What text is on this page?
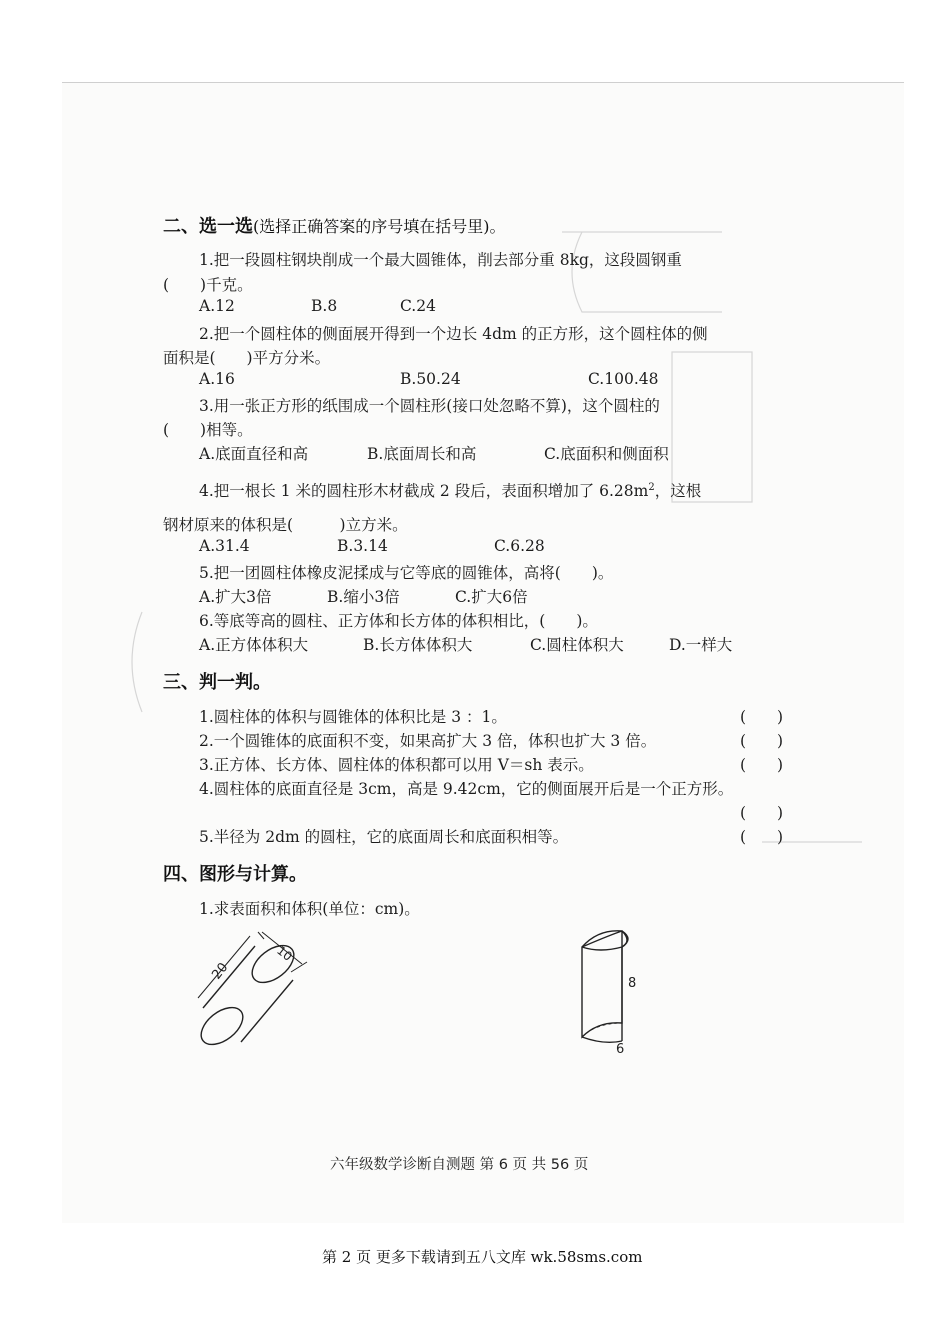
二、选一选(选择正确答案的序号填在括号里)。
1.把一段圆柱钢块削成一个最大圆锥体，削去部分重 8kg，这段圆钢重
(　　)千克。
A.12	B.8	C.24
2.把一个圆柱体的侧面展开得到一个边长 4dm 的正方形，这个圆柱体的侧
面积是(　　)平方分米。
A.16	B.50.24	C.100.48
3.用一张正方形的纸围成一个圆柱形(接口处忽略不算)，这个圆柱的
(　　)相等。
A.底面直径和高	B.底面周长和高	C.底面积和侧面积
4.把一根长 1 米的圆柱形木材截成 2 段后，表面积增加了 $6.28m^2$，这根
钢材原来的体积是(　　　)立方米。
A.31.4	B.3.14	C.6.28
5.把一团圆柱体橡皮泥揉成与它等底的圆锥体，高将(　　)。
A.扩大3倍	B.缩小3倍	C.扩大6倍
6.等底等高的圆柱、正方体和长方体的体积相比，(　　)。
A.正方体体积大	B.长方体体积大	C.圆柱体积大	D.一样大
三、判一判。
1.圆柱体的体积与圆锥体的体积比是 3 ：1。	(　　)
2.一个圆锥体的底面积不变，如果高扩大 3 倍，体积也扩大 3 倍。	(　　)
3.正方体、长方体、圆柱体的体积都可以用 V＝sh 表示。	(　　)
4.圆柱体的底面直径是 3cm，高是 9.42cm，它的侧面展开后是一个正方形。
(　　)
5.半径为 2dm 的圆柱，它的底面周长和底面积相等。	(　　)
四、图形与计算。
1.求表面积和体积(单位：cm)。
20
10
8
6
六年级数学诊断自测题 第 6 页 共 56 页
第 2 页 更多下载请到五八文库 wk.58sms.com
